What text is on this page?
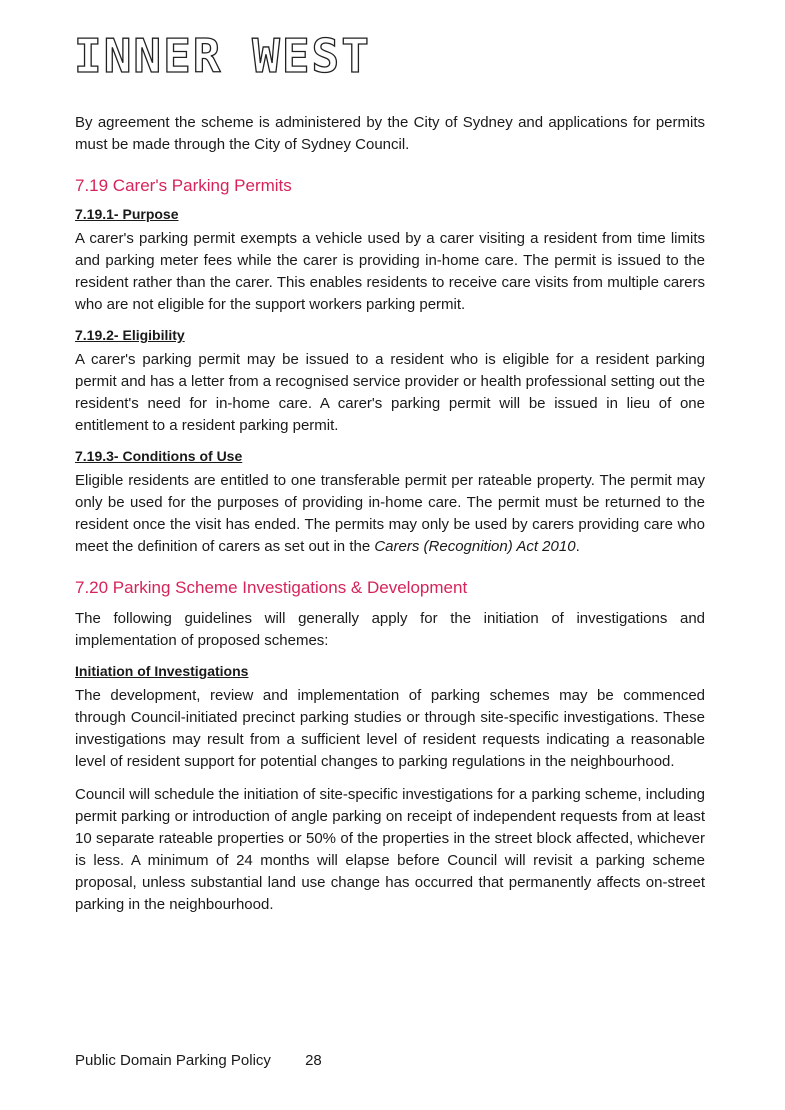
INNER WEST

By agreement the scheme is administered by the City of Sydney and applications for permits must be made through the City of Sydney Council.

7.19 Carer's Parking Permits
7.19.1- Purpose

A carer's parking permit exempts a vehicle used by a carer visiting a resident from time limits and parking meter fees while the carer is providing in-home care. The permit is issued to the resident rather than the carer. This enables residents to receive care visits from multiple carers who are not eligible for the support workers parking permit.

7.19.2- Eligibility

A carer's parking permit may be issued to a resident who is eligible for a resident parking permit and has a letter from a recognised service provider or health professional setting out the resident's need for in-home care. A carer's parking permit will be issued in lieu of one entitlement to a resident parking permit.

7.19.3- Conditions of Use

Eligible residents are entitled to one transferable permit per rateable property. The permit may only be used for the purposes of providing in-home care. The permit must be returned to the resident once the visit has ended. The permits may only be used by carers providing care who meet the definition of carers as set out in the Carers (Recognition) Act 2010.

7.20 Parking Scheme Investigations & Development

The following guidelines will generally apply for the initiation of investigations and implementation of proposed schemes:

Initiation of Investigations

The development, review and implementation of parking schemes may be commenced through Council-initiated precinct parking studies or through site-specific investigations. These investigations may result from a sufficient level of resident requests indicating a reasonable level of resident support for potential changes to parking regulations in the neighbourhood.

Council will schedule the initiation of site-specific investigations for a parking scheme, including permit parking or introduction of angle parking on receipt of independent requests from at least 10 separate rateable properties or 50% of the properties in the street block affected, whichever is less. A minimum of 24 months will elapse before Council will revisit a parking scheme proposal, unless substantial land use change has occurred that permanently affects on-street parking in the neighbourhood.

Public Domain Parking Policy 28
